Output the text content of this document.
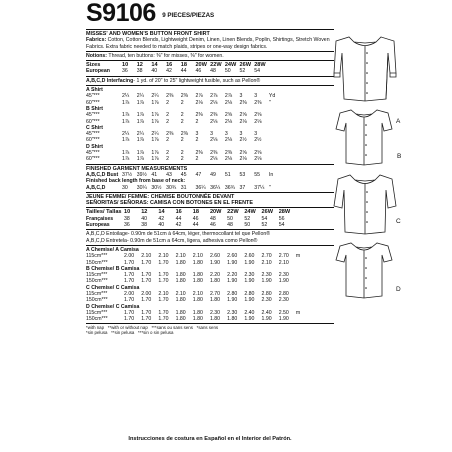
S9106 9 PIECES/PIEZAS
MISSES' AND WOMEN'S BUTTON FRONT SHIRT

Fabrics: Cotton, Cotton Blends, Lightweight Denim, Linen, Linen Blends, Poplin, Shirtings, Stretch Woven Fabrics. Extra fabric needed to match plaids, stripes or one-way design fabrics.

Notions: Thread, ten buttons: ⅜" for misses, ⅜" for women.

Sizes	10	12	14	16	18	20W 22W 24W 26W 28W
European	36	38	40	42	44	46	48	50	52	54

A,B,C,D Interfacing- 1 yd. of 20" to 25" lightweight fusible, such as Pellon®

A Shirt
45"***	2¼	2¼	2¼	2⅜	2⅜	2⅞	2⅞	2⅞	3	3	Yd
60"***	1⅞	1⅞	1⅞	2	2	2⅛	2⅛	2⅛	2⅜	2⅜	"
B Shirt
45"***	1⅞	1⅞	1⅞	2	2	2⅜	2⅜	2⅝	2⅝	2⅝
60"***	1⅞	1⅞	1⅞	2	2	2	2⅛	2⅛	2⅛	2⅛
C Shirt
45"***	2¼	2¼	2¼	2⅜	2⅜	3	3	3	3	3
60"***	1⅞	1⅞	1⅞	2	2	2	2⅛	2⅛	2½	2½
D Shirt
45"***	1⅞	1⅞	1⅞	2	2	2⅜	2⅜	2⅜	2⅝	2⅝
60"***	1⅞	1⅞	1⅞	2	2	2	2⅛	2⅛	2⅛	2⅛
FINISHED GARMENT MEASUREMENTS
A,B,C,D Bust 37½ 39½ 41	43	45	47	49	51	53	55	In
Finished back length from base of neck:
A,B,C,D	30	30¼ 30½ 30¾ 31	36¼ 36¼ 36¾ 37	37¼ "
JEUNE FEMME/ FEMME: CHEMISE BOUTONNÉE DEVANT
SEÑORITAS/ SEÑORAS: CAMISA CON BOTONES EN EL FRENTE
Tailles/ Tallas 10	12	14	16	18	20W	22W	24W	26W	28W
Françaises	38	40	42	44	46	48	50	52	54	56
Europeas	36	38	40	42	44	46	48	50	52	54
A,B,C,D Entoilage- 0.90m de 51cm à 64cm, léger, thermocollant tel que Pellon®
A,B,C,D Entretela- 0.90m de 51cm a 64cm, ligera, adhesiva como Pellon®
A Chemise/ A Camisa
115cm***	2.00	2.10	2.10	2.10	2.10	2.60	2.60	2.60	2.70	2.70	m
150cm***	1.70	1.70	1.70	1.80	1.80	1.90	1.90	1.90	2.10	2.10
B Chemise/ B Camisa
115cm***	1.70	1.70	1.70	1.80	1.80	2.20	2.20	2.30	2.30	2.30
150cm***	1.70	1.70	1.70	1.80	1.80	1.80	1.90	1.90	1.90	1.90
C Chemise/ C Camisa
115cm***	2.00	2.00	2.10	2.10	2.10	2.70	2.80	2.80	2.80	2.80
150cm***	1.70	1.70	1.70	1.80	1.80	1.80	1.90	1.90	2.30	2.30
D Chemise/ C Camisa
115cm***	1.70	1.70	1.70	1.80	1.80	2.30	2.30	2.40	2.40	2.50	m
150cm***	1.70	1.70	1.70	1.80	1.80	1.80	1.80	1.90	1.90	1.90
*with nap **with or without nap ***sans ou sans sens *sans sens
*sin pelusa **sin pelusa ***sin o sin pelusa
A
B
C
D
Instrucciones de costura en Español en el Interior del Patrón.
